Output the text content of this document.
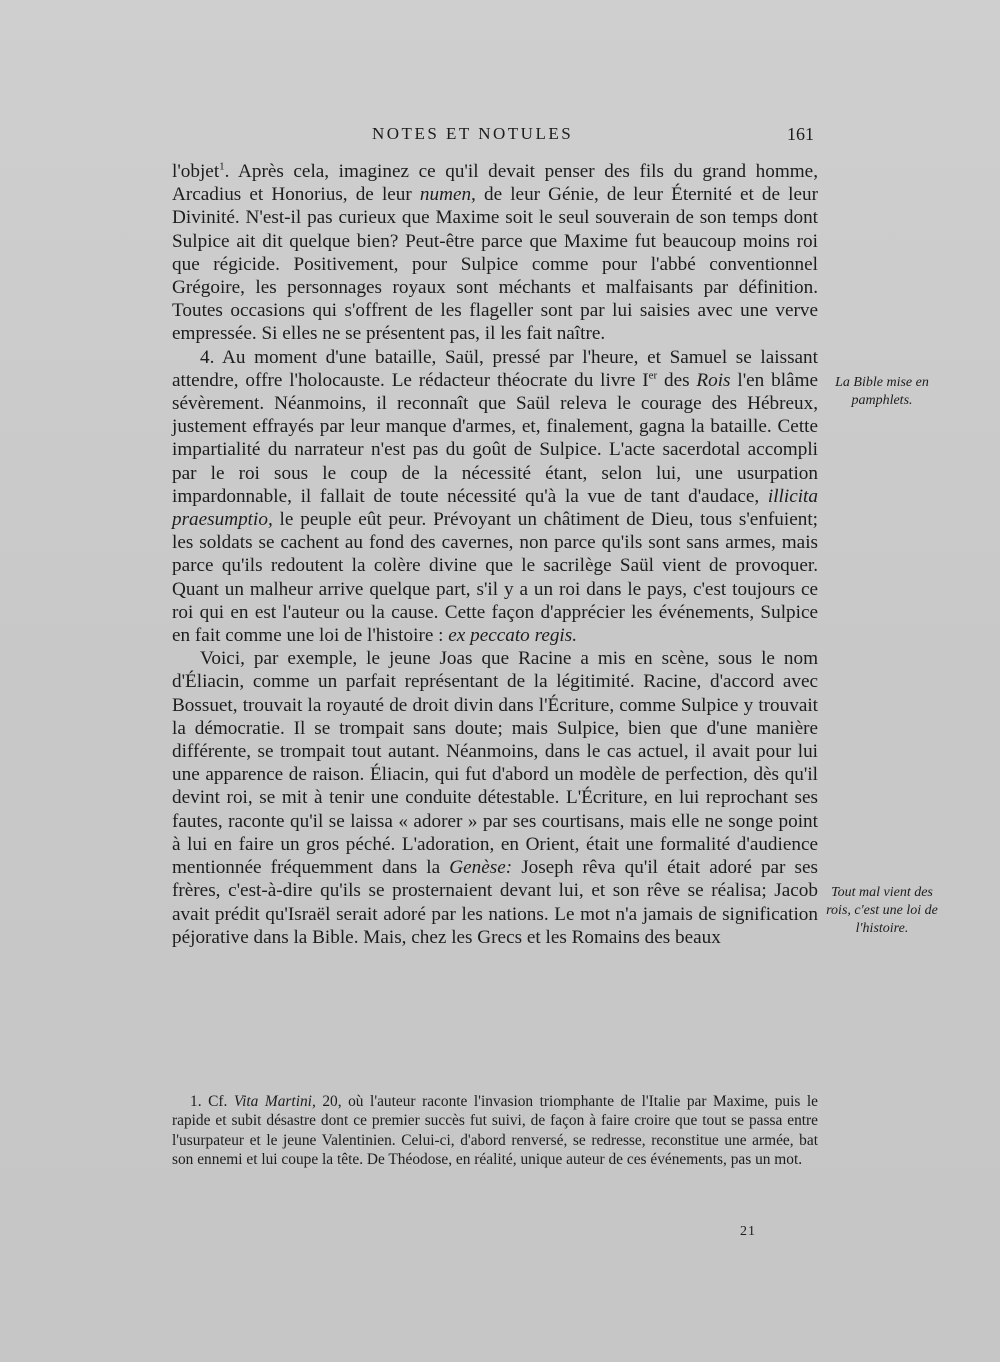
NOTES ET NOTULES	161

l'objet$^1$. Après cela, imaginez ce qu'il devait penser des fils du grand homme, Arcadius et Honorius, de leur numen, de leur Génie, de leur Éternité et de leur Divinité. N'est-il pas curieux que Maxime soit le seul souverain de son temps dont Sulpice ait dit quelque bien? Peut-être parce que Maxime fut beaucoup moins roi que régicide. Positivement, pour Sulpice comme pour l'abbé conventionnel Grégoire, les personnages royaux sont méchants et malfaisants par définition. Toutes occasions qui s'offrent de les flageller sont par lui saisies avec une verve empressée. Si elles ne se présentent pas, il les fait naître.

4. Au moment d'une bataille, Saül, pressé par l'heure, et Samuel se laissant attendre, offre l'holocauste. Le rédacteur théocrate du livre Ier des Rois l'en blâme sévèrement. Néanmoins, il reconnaît que Saül releva le courage des Hébreux, justement effrayés par leur manque d'armes, et, finalement, gagna la bataille. Cette impartialité du narrateur n'est pas du goût de Sulpice. L'acte sacerdotal accompli par le roi sous le coup de la nécessité étant, selon lui, une usurpation impardonnable, il fallait de toute nécessité qu'à la vue de tant d'audace, illicita praesumptio, le peuple eût peur. Prévoyant un châtiment de Dieu, tous s'enfuient; les soldats se cachent au fond des cavernes, non parce qu'ils sont sans armes, mais parce qu'ils redoutent la colère divine que le sacrilège Saül vient de provoquer. Quant un malheur arrive quelque part, s'il y a un roi dans le pays, c'est toujours ce roi qui en est l'auteur ou la cause. Cette façon d'apprécier les événements, Sulpice en fait comme une loi de l'histoire : ex peccato regis.

Voici, par exemple, le jeune Joas que Racine a mis en scène, sous le nom d'Éliacin, comme un parfait représentant de la légitimité. Racine, d'accord avec Bossuet, trouvait la royauté de droit divin dans l'Écriture, comme Sulpice y trouvait la démocratie. Il se trompait sans doute; mais Sulpice, bien que d'une manière différente, se trompait tout autant. Néanmoins, dans le cas actuel, il avait pour lui une apparence de raison. Éliacin, qui fut d'abord un modèle de perfection, dès qu'il devint roi, se mit à tenir une conduite détestable. L'Écriture, en lui reprochant ses fautes, raconte qu'il se laissa « adorer » par ses courtisans, mais elle ne songe point à lui en faire un gros péché. L'adoration, en Orient, était une formalité d'audience mentionnée fréquemment dans la Genèse: Joseph rêva qu'il était adoré par ses frères, c'est-à-dire qu'ils se prosternaient devant lui, et son rêve se réalisa; Jacob avait prédit qu'Israël serait adoré par les nations. Le mot n'a jamais de signification péjorative dans la Bible. Mais, chez les Grecs et les Romains des beaux

La Bible mise en pamphlets.
Tout mal vient des rois, c'est une loi de l'histoire.

1. Cf. Vita Martini, 20, où l'auteur raconte l'invasion triomphante de l'Italie par Maxime, puis le rapide et subit désastre dont ce premier succès fut suivi, de façon à faire croire que tout se passa entre l'usurpateur et le jeune Valentinien. Celui-ci, d'abord renversé, se redresse, reconstitue une armée, bat son ennemi et lui coupe la tête. De Théodose, en réalité, unique auteur de ces événements, pas un mot.

21
